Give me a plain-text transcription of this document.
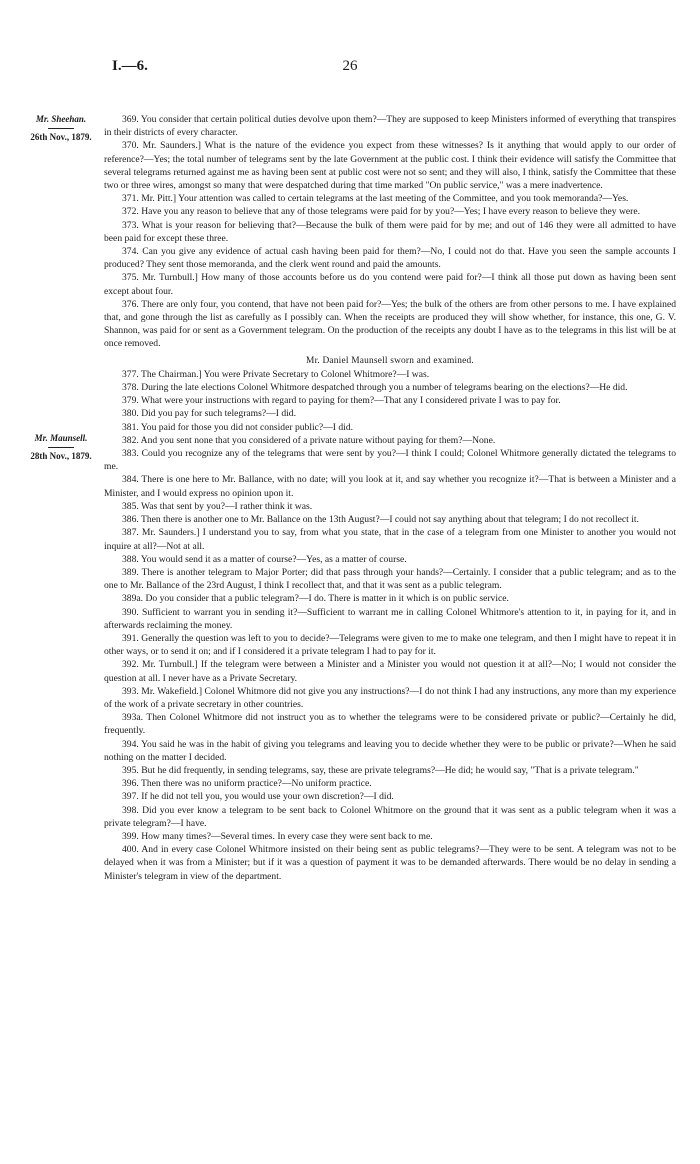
I.—6.	26
Mr. Sheehan.
26th Nov., 1879.
Mr. Maunsell.
28th Nov., 1879.

369. You consider that certain political duties devolve upon them?—They are supposed to keep Ministers informed of everything that transpires in their districts of every character.

370. Mr. Saunders.] What is the nature of the evidence you expect from these witnesses? Is it anything that would apply to our order of reference?—Yes; the total number of telegrams sent by the late Government at the public cost. I think their evidence will satisfy the Committee that several telegrams returned against me as having been sent at public cost were not so sent; and they will also, I think, satisfy the Committee that these two or three wires, amongst so many that were despatched during that time marked "On public service," was a mere inadvertence.

371. Mr. Pitt.] Your attention was called to certain telegrams at the last meeting of the Committee, and you took memoranda?—Yes.

372. Have you any reason to believe that any of those telegrams were paid for by you?—Yes; I have every reason to believe they were.

373. What is your reason for believing that?—Because the bulk of them were paid for by me; and out of 146 they were all admitted to have been paid for except these three.

374. Can you give any evidence of actual cash having been paid for them?—No, I could not do that. Have you seen the sample accounts I produced? They sent those memoranda, and the clerk went round and paid the amounts.

375. Mr. Turnbull.] How many of those accounts before us do you contend were paid for?—I think all those put down as having been sent except about four.

376. There are only four, you contend, that have not been paid for?—Yes; the bulk of the others are from other persons to me. I have explained that, and gone through the list as carefully as I possibly can. When the receipts are produced they will show whether, for instance, this one, G. V. Shannon, was paid for or sent as a Government telegram. On the production of the receipts any doubt I have as to the telegrams in this list will be at once removed.

Mr. Daniel Maunsell sworn and examined.

377. The Chairman.] You were Private Secretary to Colonel Whitmore?—I was.

378. During the late elections Colonel Whitmore despatched through you a number of telegrams bearing on the elections?—He did.

379. What were your instructions with regard to paying for them?—That any I considered private I was to pay for.

380. Did you pay for such telegrams?—I did.

381. You paid for those you did not consider public?—I did.

382. And you sent none that you considered of a private nature without paying for them?—None.

383. Could you recognize any of the telegrams that were sent by you?—I think I could; Colonel Whitmore generally dictated the telegrams to me.

384. There is one here to Mr. Ballance, with no date; will you look at it, and say whether you recognize it?—That is between a Minister and a Minister, and I would express no opinion upon it.

385. Was that sent by you?—I rather think it was.

386. Then there is another one to Mr. Ballance on the 13th August?—I could not say anything about that telegram; I do not recollect it.

387. Mr. Saunders.] I understand you to say, from what you state, that in the case of a telegram from one Minister to another you would not inquire at all?—Not at all.

388. You would send it as a matter of course?—Yes, as a matter of course.

389. There is another telegram to Major Porter; did that pass through your hands?—Certainly. I consider that a public telegram; and as to the one to Mr. Ballance of the 23rd August, I think I recollect that, and that it was sent as a public telegram.

389a. Do you consider that a public telegram?—I do. There is matter in it which is on public service.

390. Sufficient to warrant you in sending it?—Sufficient to warrant me in calling Colonel Whitmore's attention to it, in paying for it, and in afterwards reclaiming the money.

391. Generally the question was left to you to decide?—Telegrams were given to me to make one telegram, and then I might have to repeat it in other ways, or to send it on; and if I considered it a private telegram I had to pay for it.

392. Mr. Turnbull.] If the telegram were between a Minister and a Minister you would not question it at all?—No; I would not consider the question at all. I never have as a Private Secretary.

393. Mr. Wakefield.] Colonel Whitmore did not give you any instructions?—I do not think I had any instructions, any more than my experience of the work of a private secretary in other countries.

393a. Then Colonel Whitmore did not instruct you as to whether the telegrams were to be considered private or public?—Certainly he did, frequently.

394. You said he was in the habit of giving you telegrams and leaving you to decide whether they were to be public or private?—When he said nothing on the matter I decided.

395. But he did frequently, in sending telegrams, say, these are private telegrams?—He did; he would say, "That is a private telegram."

396. Then there was no uniform practice?—No uniform practice.

397. If he did not tell you, you would use your own discretion?—I did.

398. Did you ever know a telegram to be sent back to Colonel Whitmore on the ground that it was sent as a public telegram when it was a private telegram?—I have.

399. How many times?—Several times. In every case they were sent back to me.

400. And in every case Colonel Whitmore insisted on their being sent as public telegrams?—They were to be sent. A telegram was not to be delayed when it was from a Minister; but if it was a question of payment it was to be demanded afterwards. There would be no delay in sending a Minister's telegram in view of the department.
